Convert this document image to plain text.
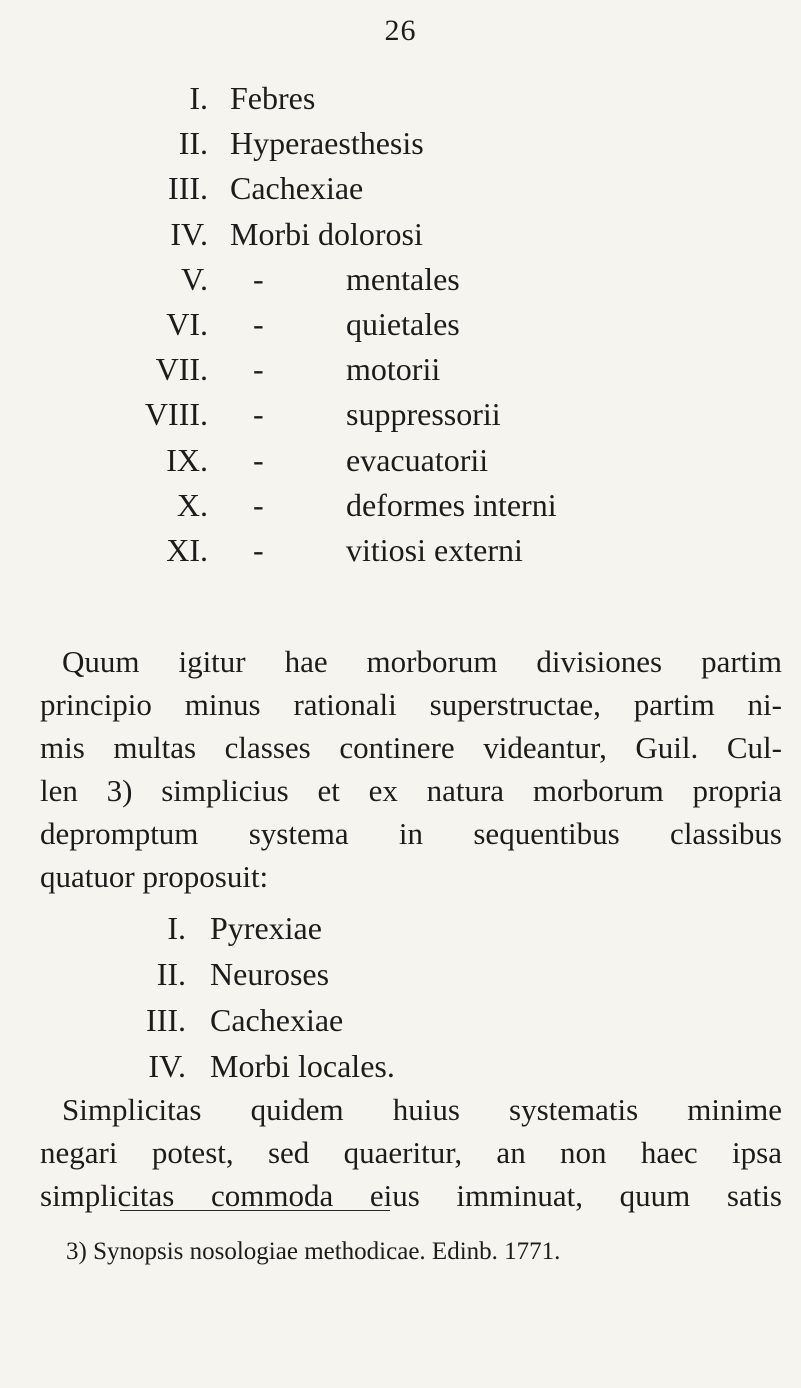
26
I. Febres
II. Hyperaesthesis
III. Cachexiae
IV. Morbi dolorosi
V. -	mentales
VI. -	quietales
VII. -	motorii
VIII. -	suppressorii
IX. -	evacuatorii
X. -	deformes interni
XI. -	vitiosi externi
Quum igitur hae morborum divisiones partim
principio minus rationali superstructae, partim ni-
mis multas classes continere videantur, Guil. Cul-
len 3) simplicius et ex natura morborum propria
depromptum systema in sequentibus classibus
quatuor proposuit:
I. Pyrexiae
II. Neuroses
III. Cachexiae
IV. Morbi locales.
Simplicitas quidem huius systematis minime
negari potest, sed quaeritur, an non haec ipsa
simplicitas commoda eius imminuat, quum satis
3) Synopsis nosologiae methodicae. Edinb. 1771.
